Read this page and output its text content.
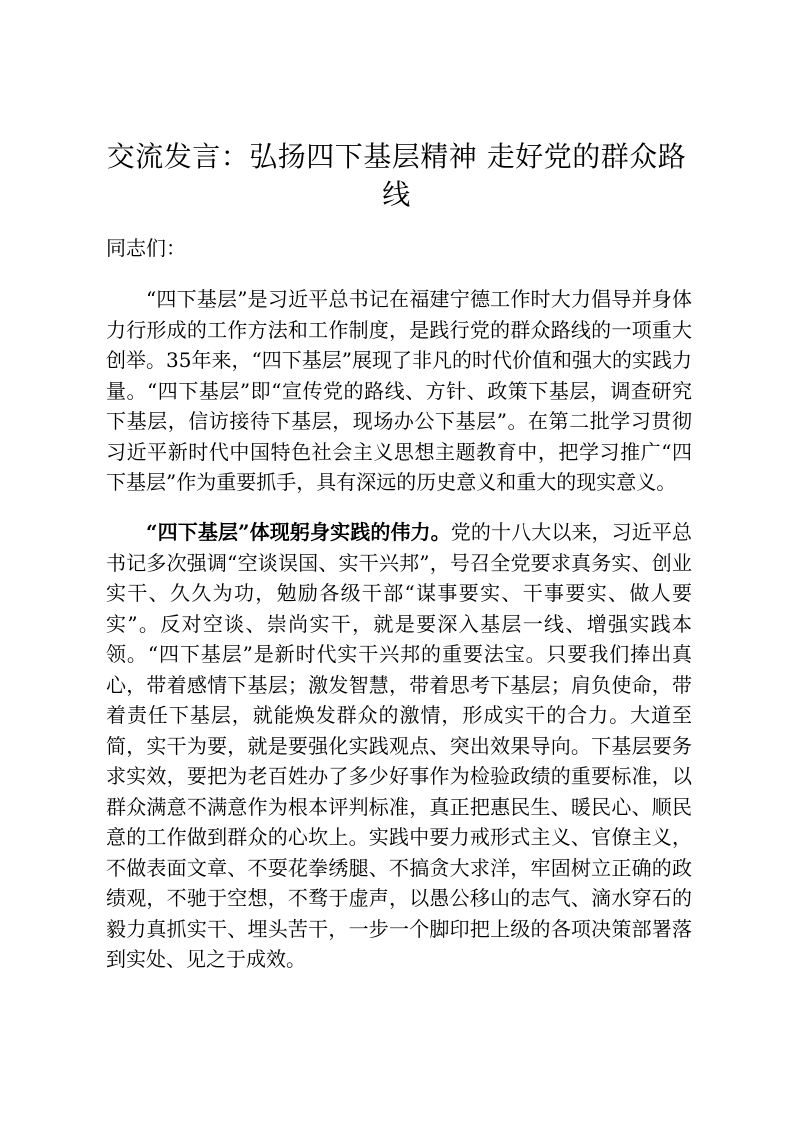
交流发言：弘扬四下基层精神 走好党的群众路线

同志们：

“四下基层”是习近平总书记在福建宁德工作时大力倡导并身体力行形成的工作方法和工作制度，是践行党的群众路线的一项重大创举。35年来，“四下基层”展现了非凡的时代价值和强大的实践力量。“四下基层”即“宣传党的路线、方针、政策下基层，调查研究下基层，信访接待下基层，现场办公下基层”。在第二批学习贯彻习近平新时代中国特色社会主义思想主题教育中，把学习推广“四下基层”作为重要抓手，具有深远的历史意义和重大的现实意义。

“四下基层”体现躬身实践的伟力。党的十八大以来，习近平总书记多次强调“空谈误国、实干兴邦”，号召全党要求真务实、创业实干、久久为功，勉励各级干部“谋事要实、干事要实、做人要实”。反对空谈、崇尚实干，就是要深入基层一线、增强实践本领。“四下基层”是新时代实干兴邦的重要法宝。只要我们捧出真心，带着感情下基层；激发智慧，带着思考下基层；肩负使命，带着责任下基层，就能焕发群众的激情，形成实干的合力。大道至简，实干为要，就是要强化实践观点、突出效果导向。下基层要务求实效，要把为老百姓办了多少好事作为检验政绩的重要标准，以群众满意不满意作为根本评判标准，真正把惠民生、暖民心、顺民意的工作做到群众的心坎上。实践中要力戒形式主义、官僚主义，不做表面文章、不耍花拳绣腿、不搞贪大求洋，牢固树立正确的政绩观，不驰于空想，不骛于虚声，以愚公移山的志气、滴水穿石的毅力真抓实干、埋头苦干，一步一个脚印把上级的各项决策部署落到实处、见之于成效。
